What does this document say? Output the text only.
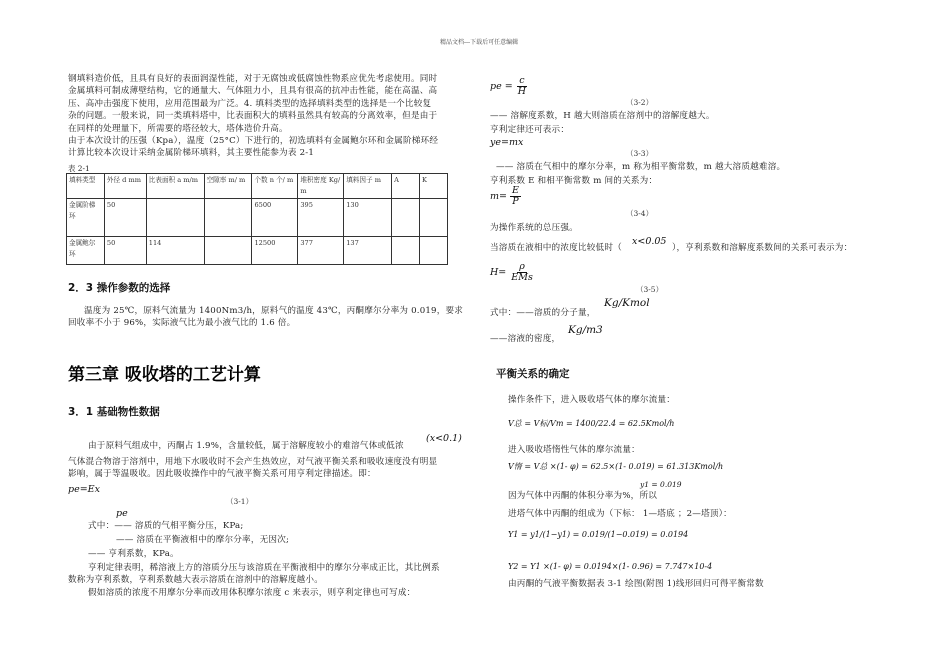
精品文档---下载后可任意编辑
钢填料造价低，且具有良好的表面润湿性能，对于无腐蚀或低腐蚀性物系应优先考虑使用。同时
金属填料可制成薄壁结构，它的通量大、气体阻力小，且具有很高的抗冲击性能，能在高温、高
压、高冲击强度下使用，应用范围最为广泛。4. 填料类型的选择填料类型的选择是一个比较复
杂的问题。一般来说，同一类填料塔中，比表面积大的填料虽然具有较高的分离效率，但是由于
在同样的处理量下，所需要的塔径较大，塔体造价升高。
由于本次设计的压强（Kpa），温度（25°C）下进行的，初选填料有金属鲍尔环和金属阶梯环经
计算比较本次设计采纳金属阶梯环填料，其主要性能参为表 2-1
表 2-1
填料类型	外径 d mm	比表面积 a m/m	空隙率 m/ m	个数 n 个/ m	堆积密度 Kg/ m	填料因子 m	A	K
金属阶梯环	50			6500	395	130		
金属鲍尔环	50	114		12500	377	137		
2．3 操作参数的选择
温度为 25℃，原料气流量为 1400Nm3/h，原料气的温度 43℃，丙酮摩尔分率为 0.019，要求
回收率不小于 96%，实际液气比为最小液气比的 1.6 倍。
第三章 吸收塔的工艺计算
3．1 基础物性数据
由于原料气组成中，丙酮占 1.9%，含量较低，属于溶解度较小的难溶气体或低浓
(x<0.1)
气体混合物溶于溶剂中，用地下水吸收时不会产生热效应，对气液平衡关系和吸收速度没有明显
影响，属于等温吸收。因此吸收操作中的气液平衡关系可用亨利定律描述。即：
pe=Ex
（3-1）
pe
式中：—— 溶质的气相平衡分压，KPa;
—— 溶质在平衡液相中的摩尔分率，无因次;
—— 亨利系数，KPa。
亨利定律表明，稀溶液上方的溶质分压与该溶质在平衡液相中的摩尔分率成正比，其比例系
数称为亨利系数，亨利系数越大表示溶质在溶剂中的溶解度越小。
假如溶质的浓度不用摩尔分率而改用体积摩尔浓度 c 来表示，则亨利定律也可写成：
pe = $\frac{c}{H}$
（3-2）
—— 溶解度系数，H 越大则溶质在溶剂中的溶解度越大。
亨利定律还可表示：
ye=mx
（3-3）
—— 溶质在气相中的摩尔分率，m 称为相平衡常数，m 越大溶质越难溶。
亨利系数 E 和相平衡常数 m 间的关系为：
$m= \frac{E}{P}$
（3-4）
为操作系统的总压强。
当溶质在液相中的浓度比较低时（
x<0.05
），亨利系数和溶解度系数间的关系可表示为：
$H= \frac{\rho}{\text{EMs}}$
（3-5）
式中：——溶质的分子量，
Kg/Kmol
——溶液的密度，
Kg/m3
平衡关系的确定
操作条件下，进入吸收塔气体的摩尔流量：
V总 = V标/Vm = 1400/22.4 = 62.5Kmol/h
进入吸收塔惰性气体的摩尔流量：
V惰 = V总 ×(1- φ) = 62.5×(1- 0.019) = 61.313Kmol/h
y1 = 0.019
因为气体中丙酮的体积分率为%，所以
进塔气体中丙酮的组成为（下标： 1—塔底 ；2—塔顶）：
Y1 = y1/(1−y1) = 0.019/(1−0.019) = 0.0194
Y2 = Y1 ×(1- φ) = 0.0194×(1- 0.96) = 7.747×10-4
由丙酮的气液平衡数据表 3-1 绘图(附图 1)线形回归可得平衡常数
